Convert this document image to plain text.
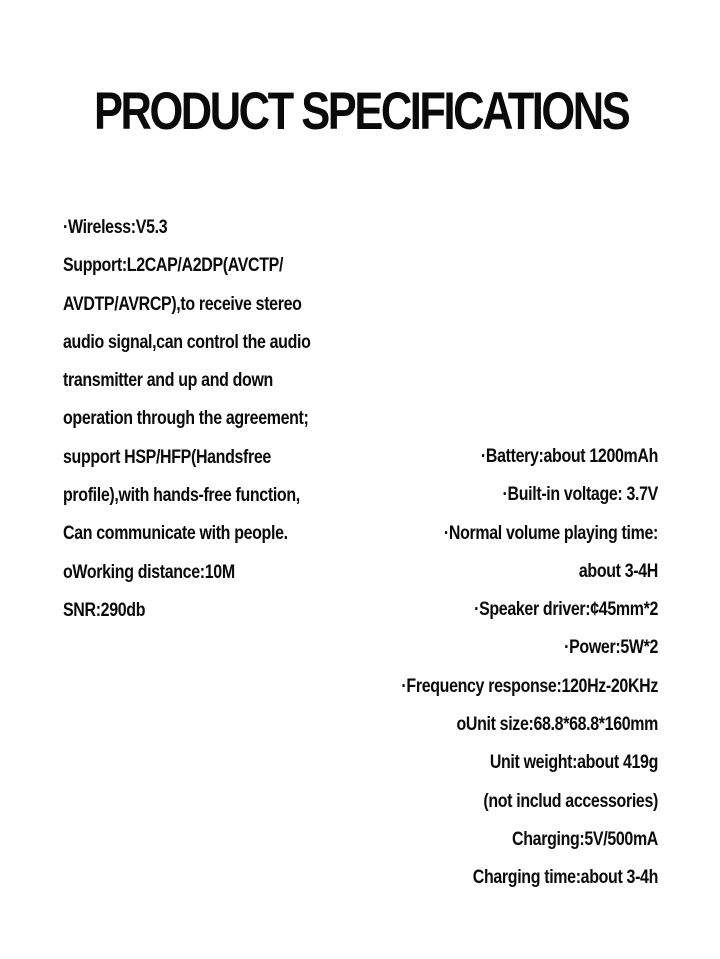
PRODUCT SPECIFICATIONS
·Wireless:V5.3
Support:L2CAP/A2DP(AVCTP/
AVDTP/AVRCP),to receive stereo
audio signal,can control the audio
transmitter and up and down
operation through the agreement;
support HSP/HFP(Handsfree
profile),with hands-free function,
Can communicate with people.
oWorking distance:10M
SNR:290db
·Battery:about 1200mAh
·Built-in voltage: 3.7V
·Normal volume playing time:
about 3-4H
·Speaker driver:¢45mm*2
·Power:5W*2
·Frequency response:120Hz-20KHz
oUnit size:68.8*68.8*160mm
Unit weight:about 419g
(not includ accessories)
Charging:5V/500mA
Charging time:about 3-4h
